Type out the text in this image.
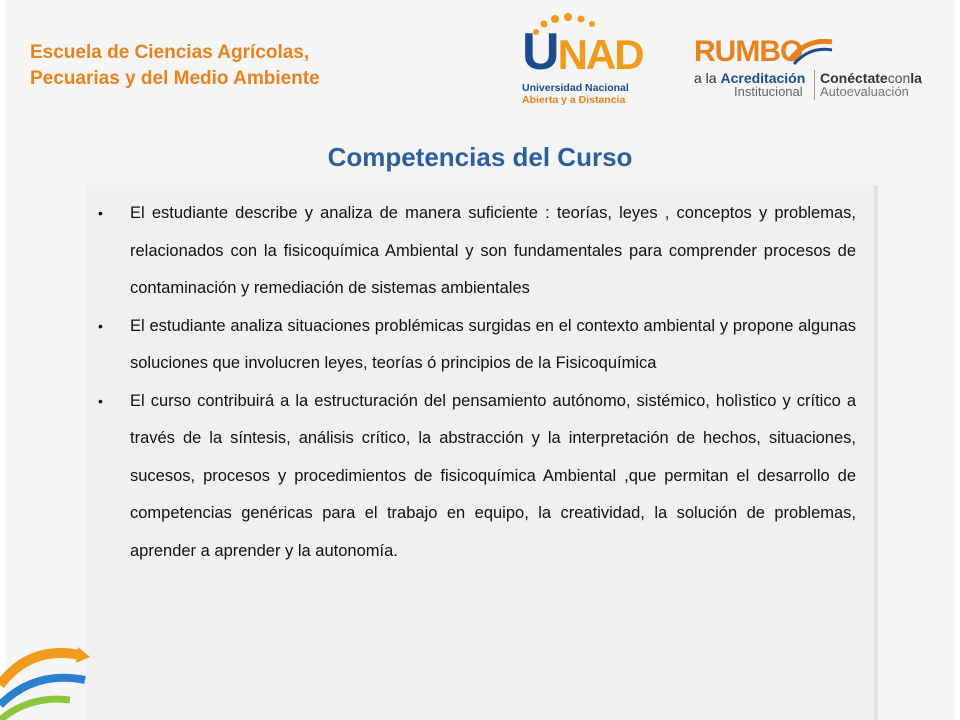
Escuela de Ciencias Agrícolas,
Pecuarias y del Medio Ambiente	UNAD
Universidad Nacional
Abierta y a Distancia
RUMBO
a la Acreditación
Institucional
Conéctateconla
Autoevaluación
Competencias del Curso
• El estudiante describe y analiza de manera suficiente : teorías, leyes , conceptos y problemas, relacionados con la fisicoquímica Ambiental y son fundamentales para comprender procesos de contaminación y remediación de sistemas ambientales
• El estudiante analiza situaciones problémicas surgidas en el contexto ambiental y propone algunas soluciones que involucren leyes, teorías ó principios de la Fisicoquímica
• El curso contribuirá a la estructuración del pensamiento autónomo, sistémico, holìstico y crítico a través de la síntesis, análisis crítico, la abstracción y la interpretación de hechos, situaciones, sucesos, procesos y procedimientos de fisicoquímica Ambiental ,que permitan el desarrollo de competencias genéricas para el trabajo en equipo, la creatividad, la solución de problemas, aprender a aprender y la autonomía.
